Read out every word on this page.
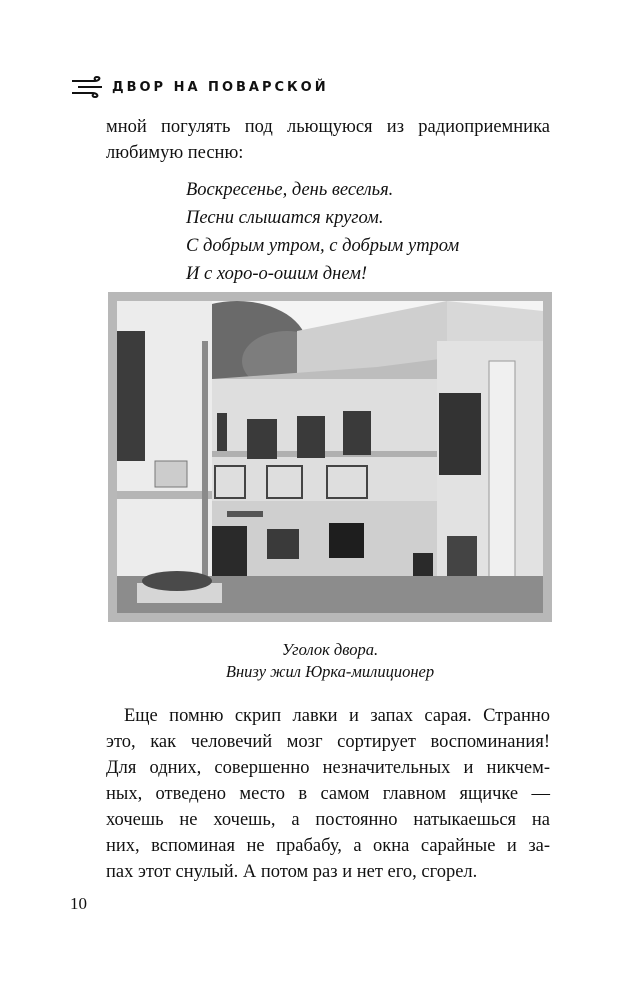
ДВОР НА ПОВАРСКОЙ

мной погулять под льющуюся из радиоприемника
любимую песню:

Воскресенье, день веселья.
Песни слышатся кругом.
С добрым утром, с добрым утром
И с хоро-о-ошим днем!
Уголок двора.
Внизу жил Юрка-милиционер

Еще помню скрип лавки и запах сарая. Странно
это, как человечий мозг сортирует воспоминания!
Для одних, совершенно незначительных и никчем-
ных, отведено место в самом главном ящичке —
хочешь не хочешь, а постоянно натыкаешься на
них, вспоминая не прабабу, а окна сарайные и за-
пах этот снулый. А потом раз и нет его, сгорел.

10
